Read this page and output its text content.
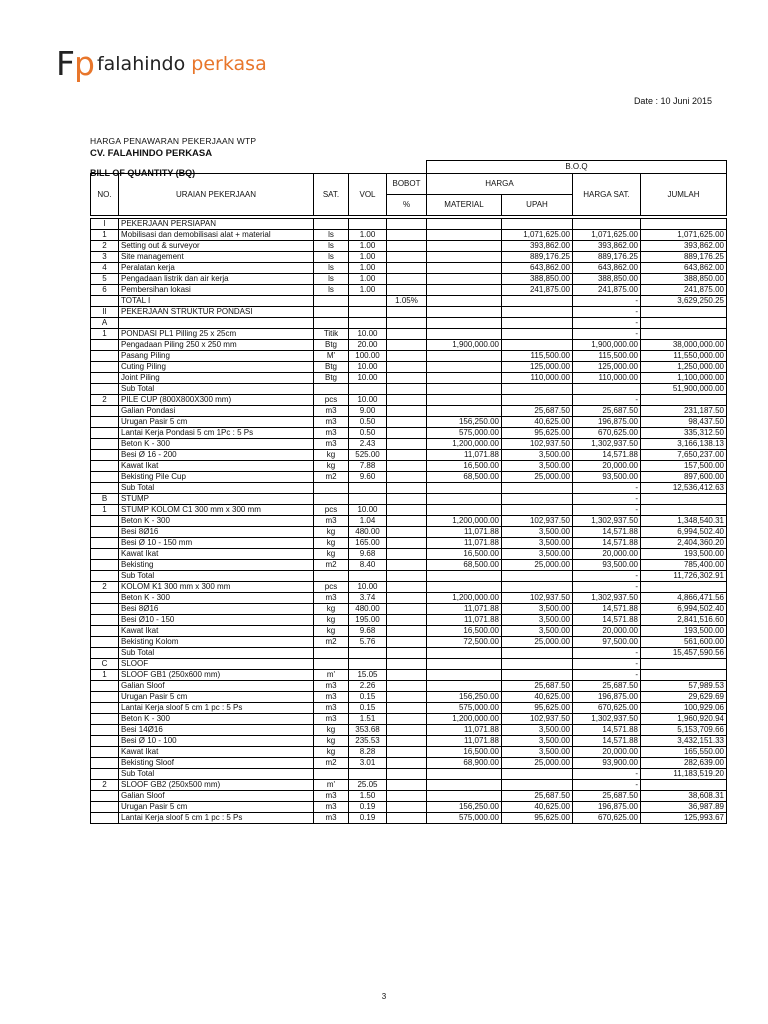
Fp falahindo perkasa
Date : 10 Juni 2015
HARGA PENAWARAN PEKERJAAN WTP
CV. FALAHINDO PERKASA
BILL OF QUANTITY (BQ)
					B.O.Q			
NO.	URAIAN PEKERJAAN	SAT.	VOL	BOBOT	HARGA		HARGA SAT.	JUMLAH
				%	MATERIAL	UPAH		

I	PEKERJAAN PERSIAPAN							
1	Mobilisasi dan demobilisasi alat + material	ls	1.00			1,071,625.00	1,071,625.00	1,071,625.00
2	Setting out & surveyor	ls	1.00			393,862.00	393,862.00	393,862.00
3	Site management	ls	1.00			889,176.25	889,176.25	889,176.25
4	Peralatan kerja	ls	1.00			643,862.00	643,862.00	643,862.00
5	Pengadaan listrik dan air kerja	ls	1.00			388,850.00	388,850.00	388,850.00
6	Pembersihan lokasi	ls	1.00			241,875.00	241,875.00	241,875.00
	TOTAL I			1.05%			-	3,629,250.25
II	PEKERJAAN STRUKTUR PONDASI						-	
A							-	
1	PONDASI PL1 Pilling 25 x 25cm	Titik	10.00				-	
	Pengadaan Piling 250 x 250 mm	Btg	20.00		1,900,000.00		1,900,000.00	38,000,000.00
	Pasang Piling	M'	100.00			115,500.00	115,500.00	11,550,000.00
	Cuting Piling	Btg	10.00			125,000.00	125,000.00	1,250,000.00
	Joint Piling	Btg	10.00			110,000.00	110,000.00	1,100,000.00
	Sub Total							51,900,000.00
2	PILE CUP (800X800X300 mm)	pcs	10.00				-	
	Galian Pondasi	m3	9.00			25,687.50	25,687.50	231,187.50
	Urugan Pasir 5 cm	m3	0.50		156,250.00	40,625.00	196,875.00	98,437.50
	Lantai Kerja Pondasi 5 cm 1Pc : 5 Ps	m3	0.50		575,000.00	95,625.00	670,625.00	335,312.50
	Beton K - 300	m3	2.43		1,200,000.00	102,937.50	1,302,937.50	3,166,138.13
	Besi Ø 16 - 200	kg	525.00		11,071.88	3,500.00	14,571.88	7,650,237.00
	Kawat Ikat	kg	7.88		16,500.00	3,500.00	20,000.00	157,500.00
	Bekisting Pile Cup	m2	9.60		68,500.00	25,000.00	93,500.00	897,600.00
	Sub Total						-	12,536,412.63
B	STUMP						-	
1	STUMP KOLOM C1 300 mm x 300 mm	pcs	10.00				-	
	Beton K - 300	m3	1.04		1,200,000.00	102,937.50	1,302,937.50	1,348,540.31
	Besi 8Ø16	kg	480.00		11,071.88	3,500.00	14,571.88	6,994,502.40
	Besi Ø 10 - 150 mm	kg	165.00		11,071.88	3,500.00	14,571.88	2,404,360.20
	Kawat Ikat	kg	9.68		16,500.00	3,500.00	20,000.00	193,500.00
	Bekisting	m2	8.40		68,500.00	25,000.00	93,500.00	785,400.00
	Sub Total						-	11,726,302.91
2	KOLOM K1 300 mm x 300 mm	pcs	10.00				-	
	Beton K - 300	m3	3.74		1,200,000.00	102,937.50	1,302,937.50	4,866,471.56
	Besi 8Ø16	kg	480.00		11,071.88	3,500.00	14,571.88	6,994,502.40
	Besi Ø10 - 150	kg	195.00		11,071.88	3,500.00	14,571.88	2,841,516.60
	Kawat Ikat	kg	9.68		16,500.00	3,500.00	20,000.00	193,500.00
	Bekisting Kolom	m2	5.76		72,500.00	25,000.00	97,500.00	561,600.00
	Sub Total						-	15,457,590.56
C	SLOOF						-	
1	SLOOF GB1 (250x600 mm)	m'	15.05				-	
	Galian Sloof	m3	2.26			25,687.50	25,687.50	57,989.53
	Urugan Pasir 5 cm	m3	0.15		156,250.00	40,625.00	196,875.00	29,629.69
	Lantai Kerja sloof 5 cm 1 pc : 5 Ps	m3	0.15		575,000.00	95,625.00	670,625.00	100,929.06
	Beton K - 300	m3	1.51		1,200,000.00	102,937.50	1,302,937.50	1,960,920.94
	Besi 14Ø16	kg	353.68		11,071.88	3,500.00	14,571.88	5,153,709.66
	Besi Ø 10 - 100	kg	235.53		11,071.88	3,500.00	14,571.88	3,432,151.33
	Kawat Ikat	kg	8.28		16,500.00	3,500.00	20,000.00	165,550.00
	Bekisting Sloof	m2	3.01		68,900.00	25,000.00	93,900.00	282,639.00
	Sub Total						-	11,183,519.20
2	SLOOF GB2 (250x500 mm)	m'	25.05				-	
	Galian Sloof	m3	1.50			25,687.50	25,687.50	38,608.31
	Urugan Pasir 5 cm	m3	0.19		156,250.00	40,625.00	196,875.00	36,987.89
	Lantai Kerja sloof 5 cm 1 pc : 5 Ps	m3	0.19		575,000.00	95,625.00	670,625.00	125,993.67
3
